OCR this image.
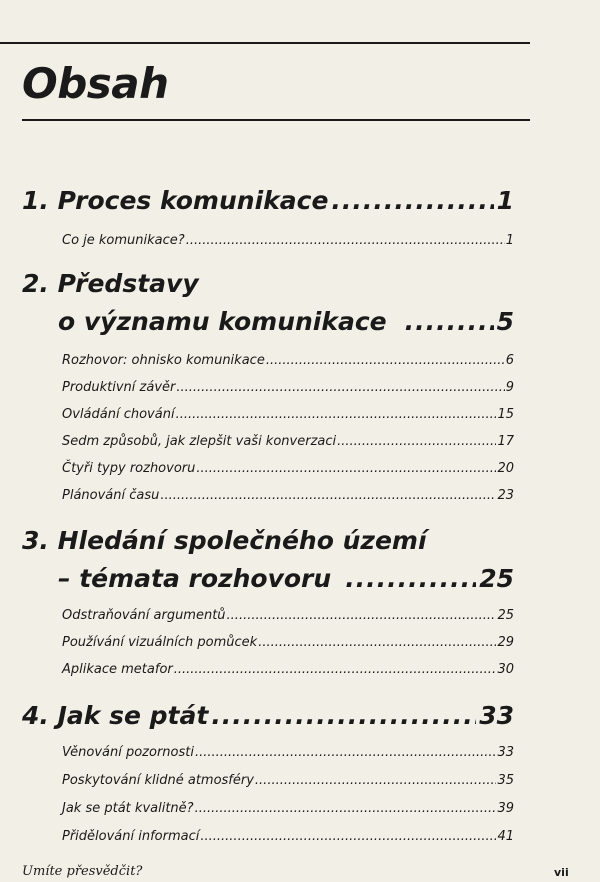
Obsah
1. Proces komunikace .....	1
Co je komunikace? .....	1
2. Představy
o významu komunikace .....	5
Rozhovor: ohnisko komunikace .....	6
Produktivní závěr .....	9
Ovládání chování .....	15
Sedm způsobů, jak zlepšit vaši konverzaci .....	17
Čtyři typy rozhovoru .....	20
Plánování času .....	23
3. Hledání společného území
– témata rozhovoru .....	25
Odstraňování argumentů .....	25
Používání vizuálních pomůcek .....	29
Aplikace metafor .....	30
4. Jak se ptát .....	33
Věnování pozornosti .....	33
Poskytování klidné atmosféry .....	35
Jak se ptát kvalitně? .....	39
Přidělování informací .....	41
Umíte přesvědčit?	vii
